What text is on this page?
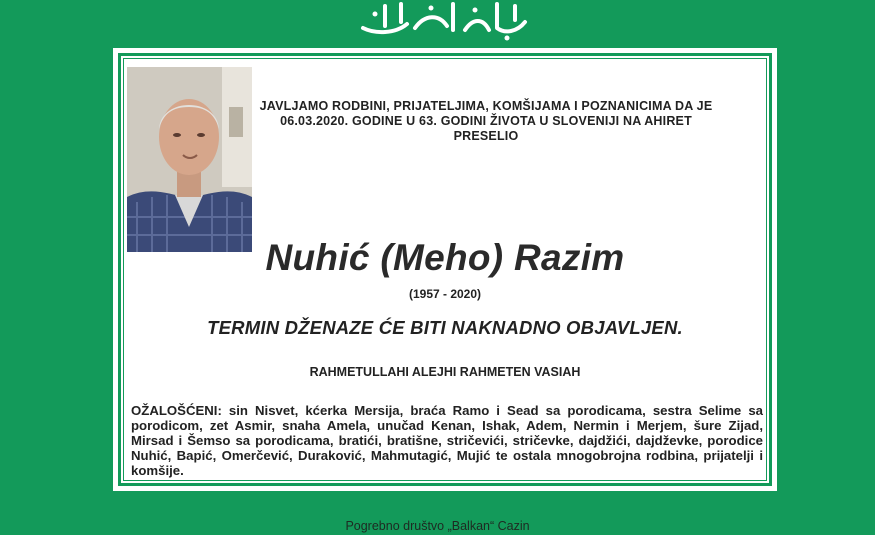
JAVLJAMO RODBINI, PRIJATELJIMA, KOMŠIJAMA I POZNANICIMA DA JE 06.03.2020. GODINE U 63. GODINI ŽIVOTA U SLOVENIJI NA AHIRET PRESELIO
Nuhić (Meho) Razim
(1957 - 2020)
TERMIN DŽENAZE ĆE BITI NAKNADNO OBJAVLJEN.
RAHMETULLAHI ALEJHI RAHMETEN VASIAH
OŽALOŠĆENI: sin Nisvet, kćerka Mersija, braća Ramo i Sead sa porodicama, sestra Selime sa porodicom, zet Asmir, snaha Amela, unučad Kenan, Ishak, Adem, Nermin i Merjem, šure Zijad, Mirsad i Šemso sa porodicama, bratići, bratišne, stričevići, stričevke, dajdžići, dajdževke, porodice Nuhić, Bapić, Omerčević, Duraković, Mahmutagić, Mujić te ostala mnogobrojna rodbina, prijatelji i komšije.
Pogrebno društvo „Balkan“ Cazin
